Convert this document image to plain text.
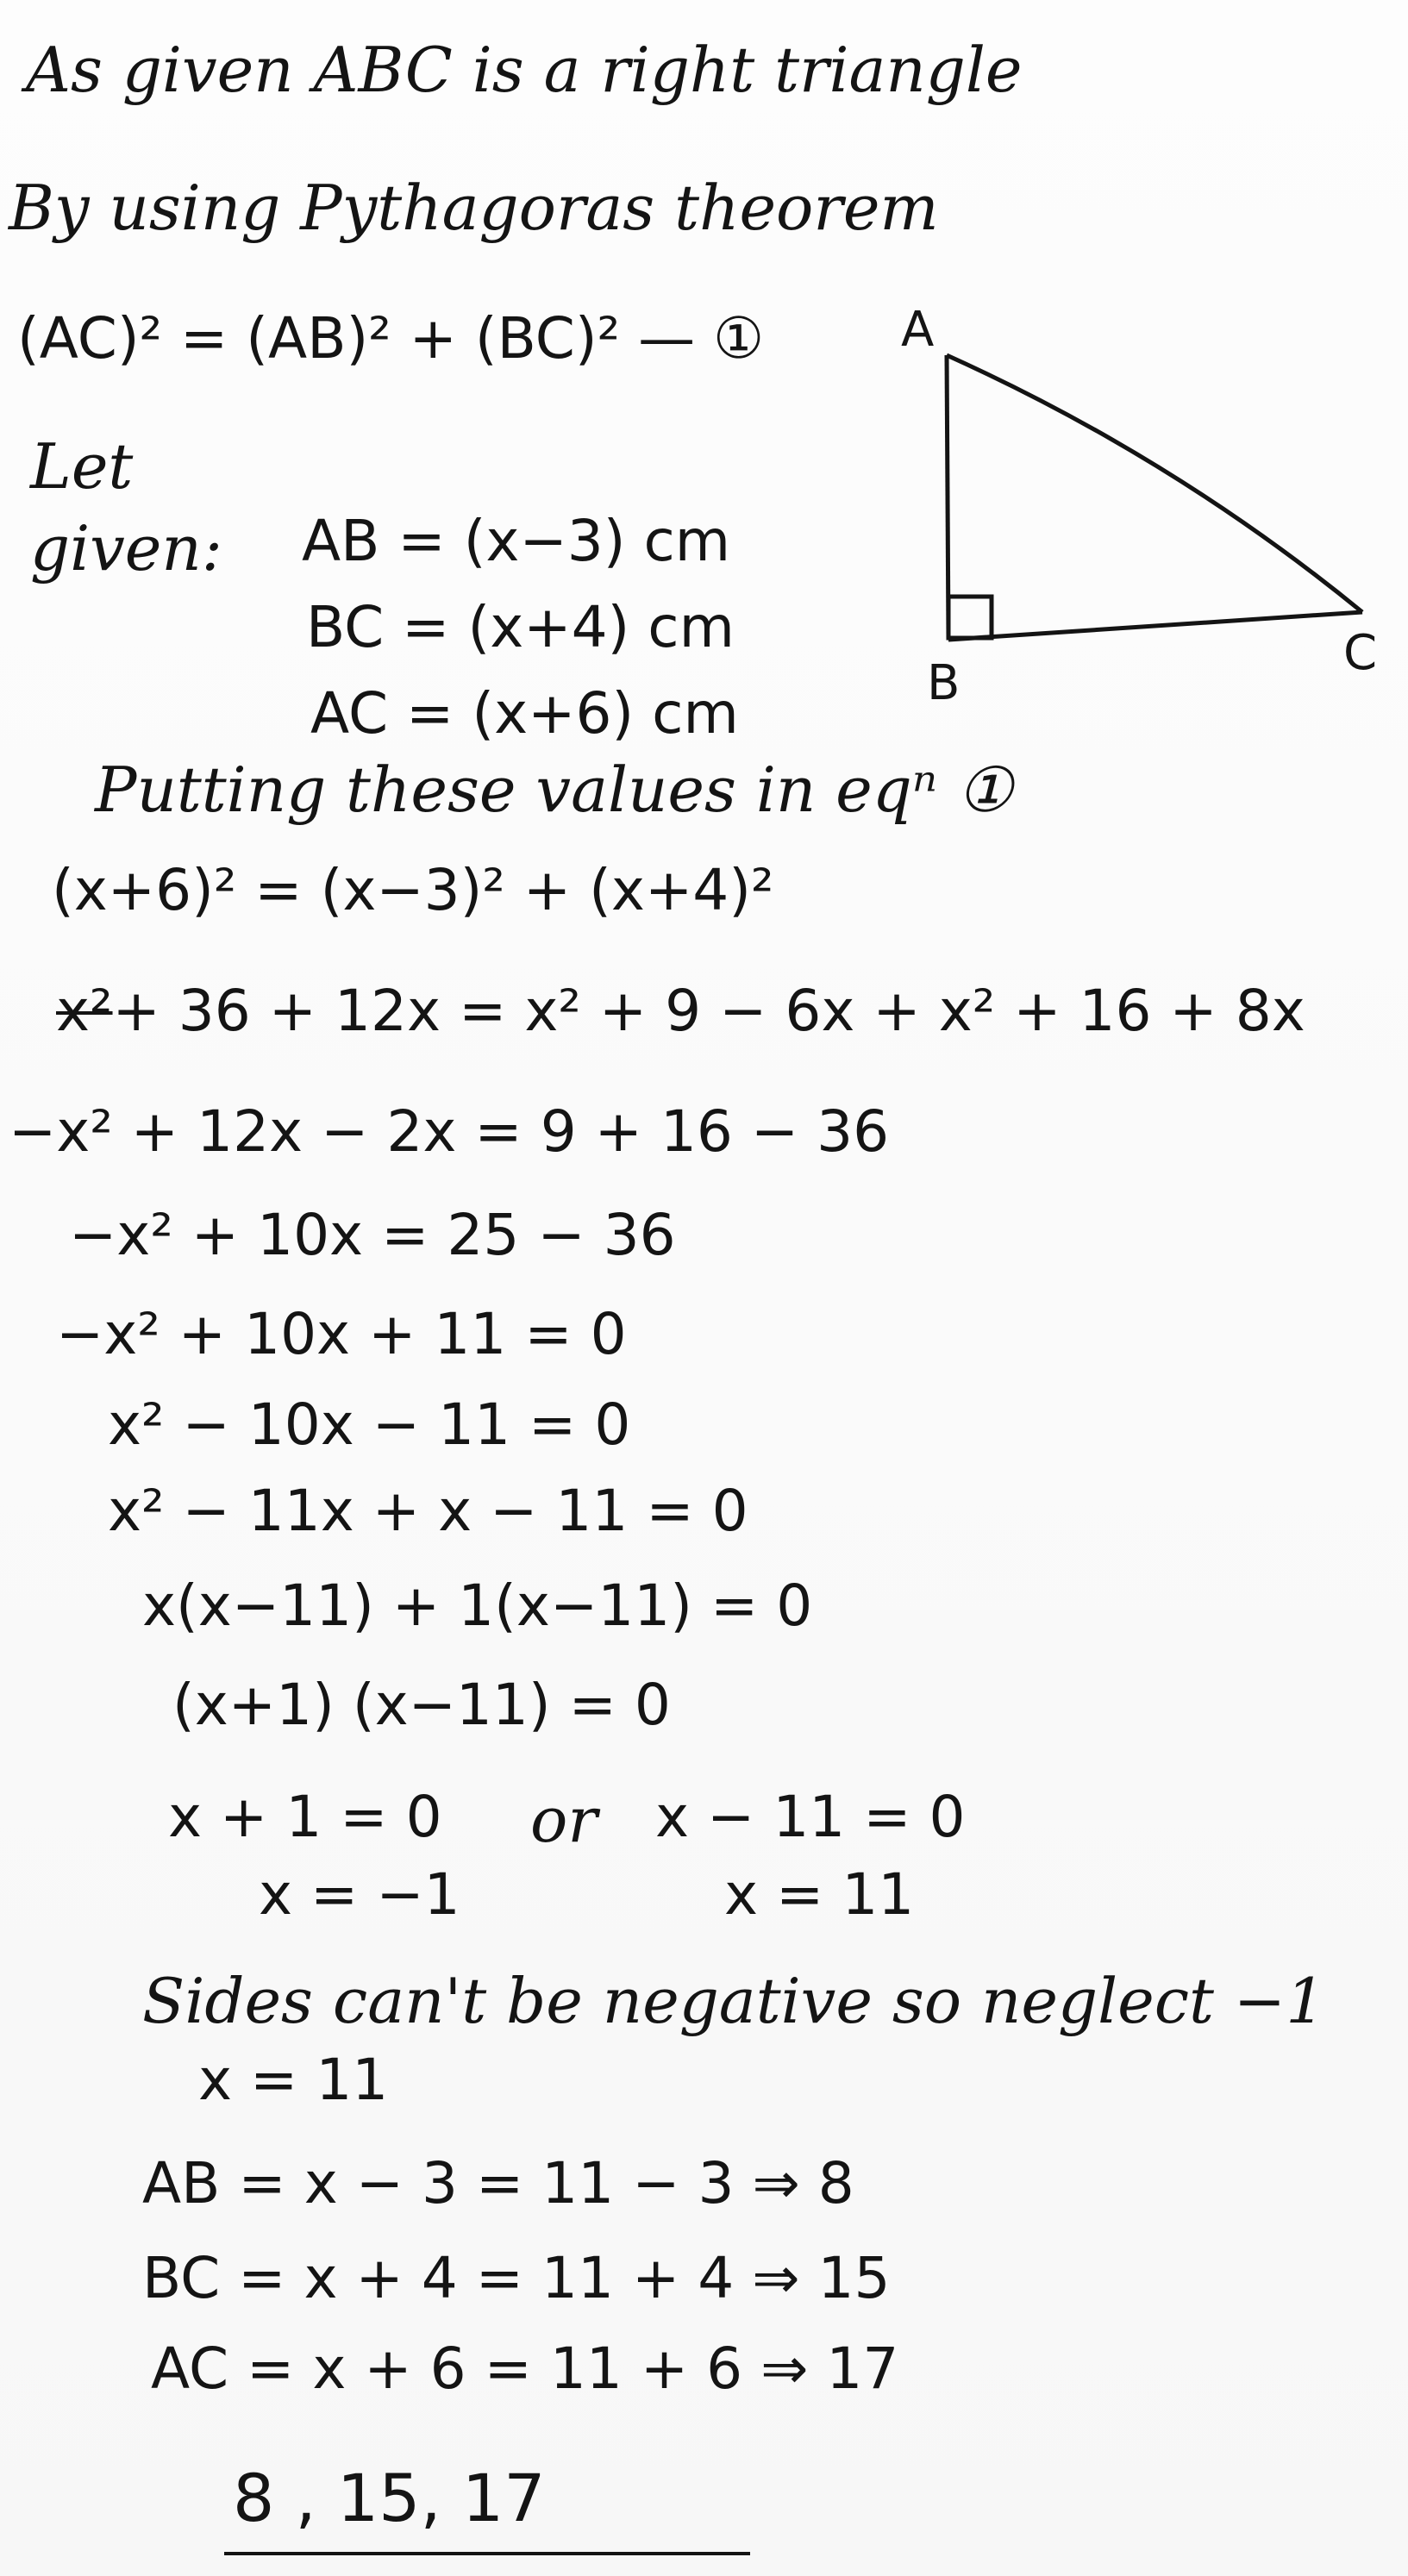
As given ABC is a right triangle
By using Pythagoras theorem
(AC)² = (AB)² + (BC)² — ①
Let
given: AB = (x−3) cm
BC = (x+4) cm
AC = (x+6) cm
A
B
C
Putting these values in eqⁿ ①
(x+6)² = (x−3)² + (x+4)²
x²+ 36 + 12x = x² + 9 − 6x + x² + 16 + 8x
−x² + 12x − 2x = 9 + 16 − 36
−x² + 10x = 25 − 36
−x² + 10x + 11 = 0
x² − 10x − 11 = 0
x² − 11x + x − 11 = 0
x(x−11) + 1(x−11) = 0
(x+1) (x−11) = 0
x + 1 = 0 or x − 11 = 0
x = −1	x = 11
Sides can't be negative so neglect −1
x = 11
AB = x − 3 = 11 − 3 ⇒ 8
BC = x + 4 = 11 + 4 ⇒ 15
AC = x + 6 = 11 + 6 ⇒ 17
8 , 15, 17
